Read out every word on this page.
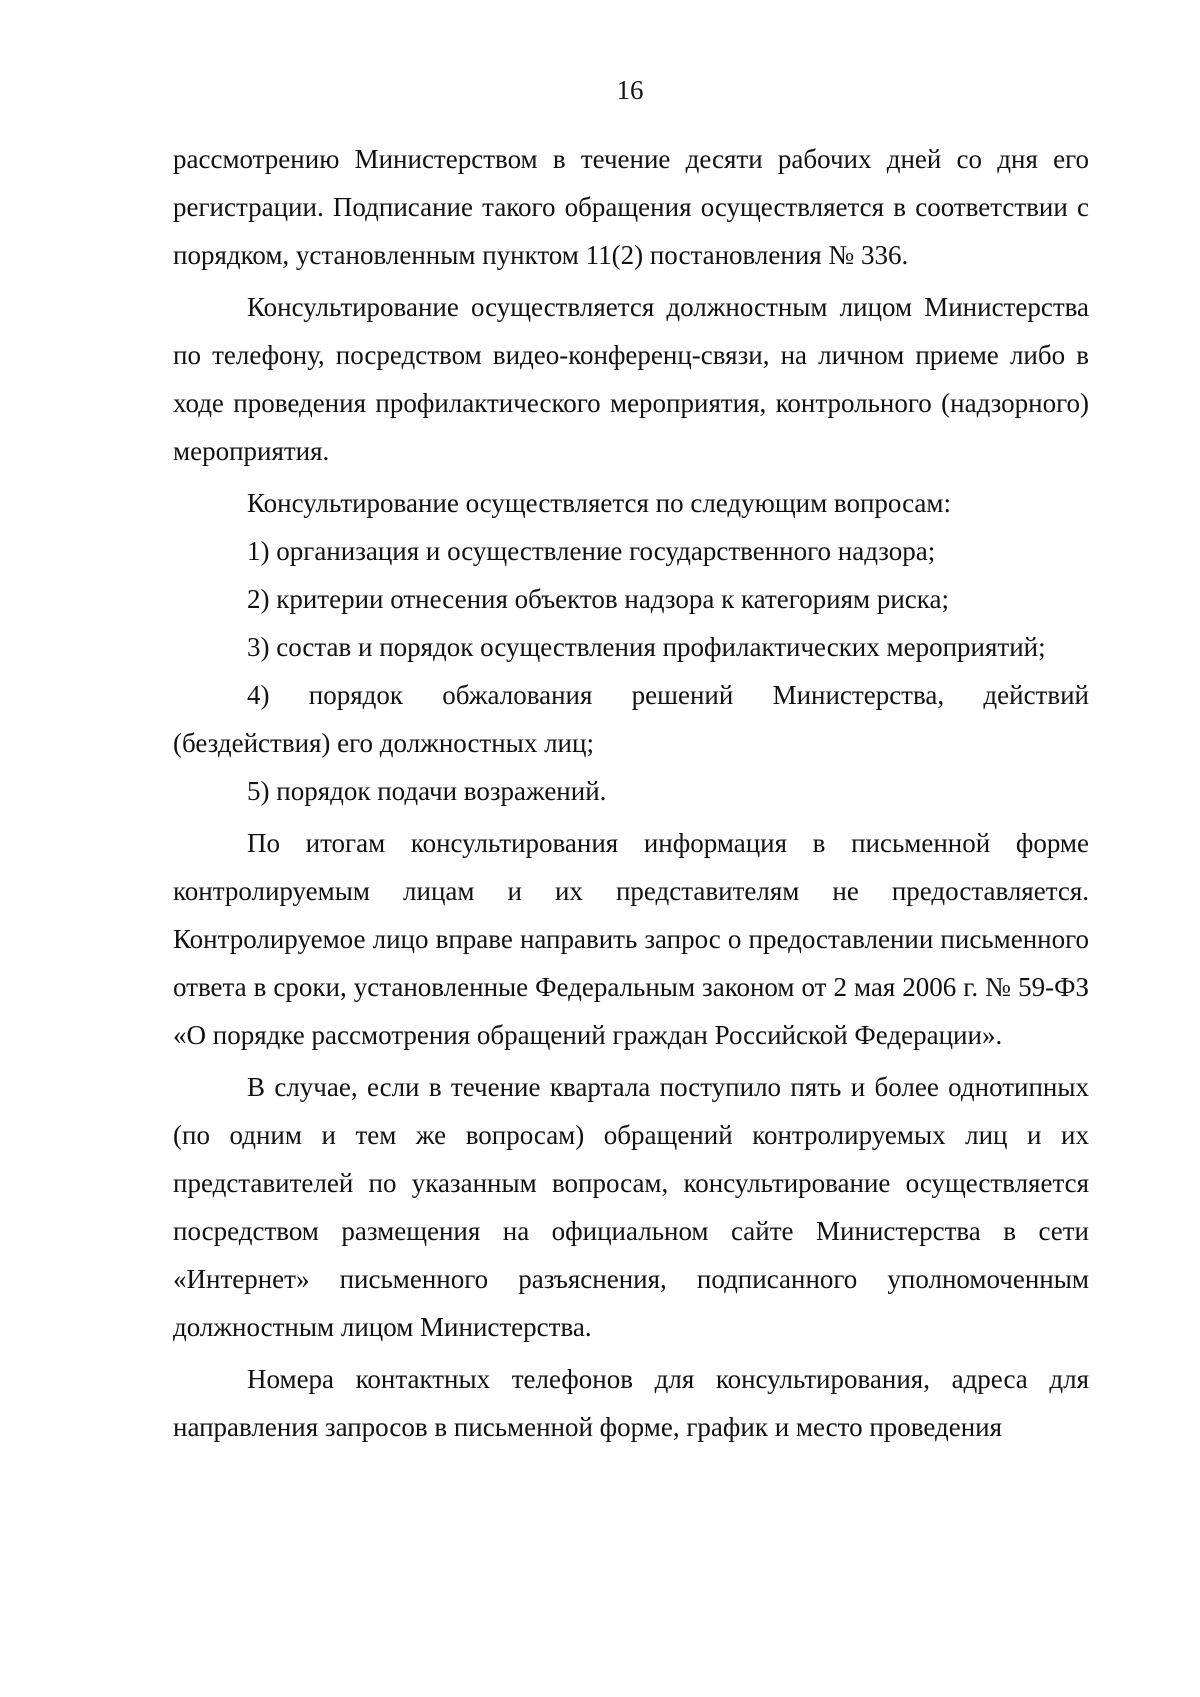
16

рассмотрению Министерством в течение десяти рабочих дней со дня его регистрации. Подписание такого обращения осуществляется в соответствии с порядком, установленным пунктом 11(2) постановления № 336.

Консультирование осуществляется должностным лицом Министерства по телефону, посредством видео-конференц-связи, на личном приеме либо в ходе проведения профилактического мероприятия, контрольного (надзорного) мероприятия.

Консультирование осуществляется по следующим вопросам:

1) организация и осуществление государственного надзора;

2) критерии отнесения объектов надзора к категориям риска;

3) состав и порядок осуществления профилактических мероприятий;

4) порядок обжалования решений Министерства, действий (бездействия) его должностных лиц;

5) порядок подачи возражений.

По итогам консультирования информация в письменной форме контролируемым лицам и их представителям не предоставляется. Контролируемое лицо вправе направить запрос о предоставлении письменного ответа в сроки, установленные Федеральным законом от 2 мая 2006 г. № 59-ФЗ «О порядке рассмотрения обращений граждан Российской Федерации».

В случае, если в течение квартала поступило пять и более однотипных (по одним и тем же вопросам) обращений контролируемых лиц и их представителей по указанным вопросам, консультирование осуществляется посредством размещения на официальном сайте Министерства в сети «Интернет» письменного разъяснения, подписанного уполномоченным должностным лицом Министерства.

Номера контактных телефонов для консультирования, адреса для направления запросов в письменной форме, график и место проведения
